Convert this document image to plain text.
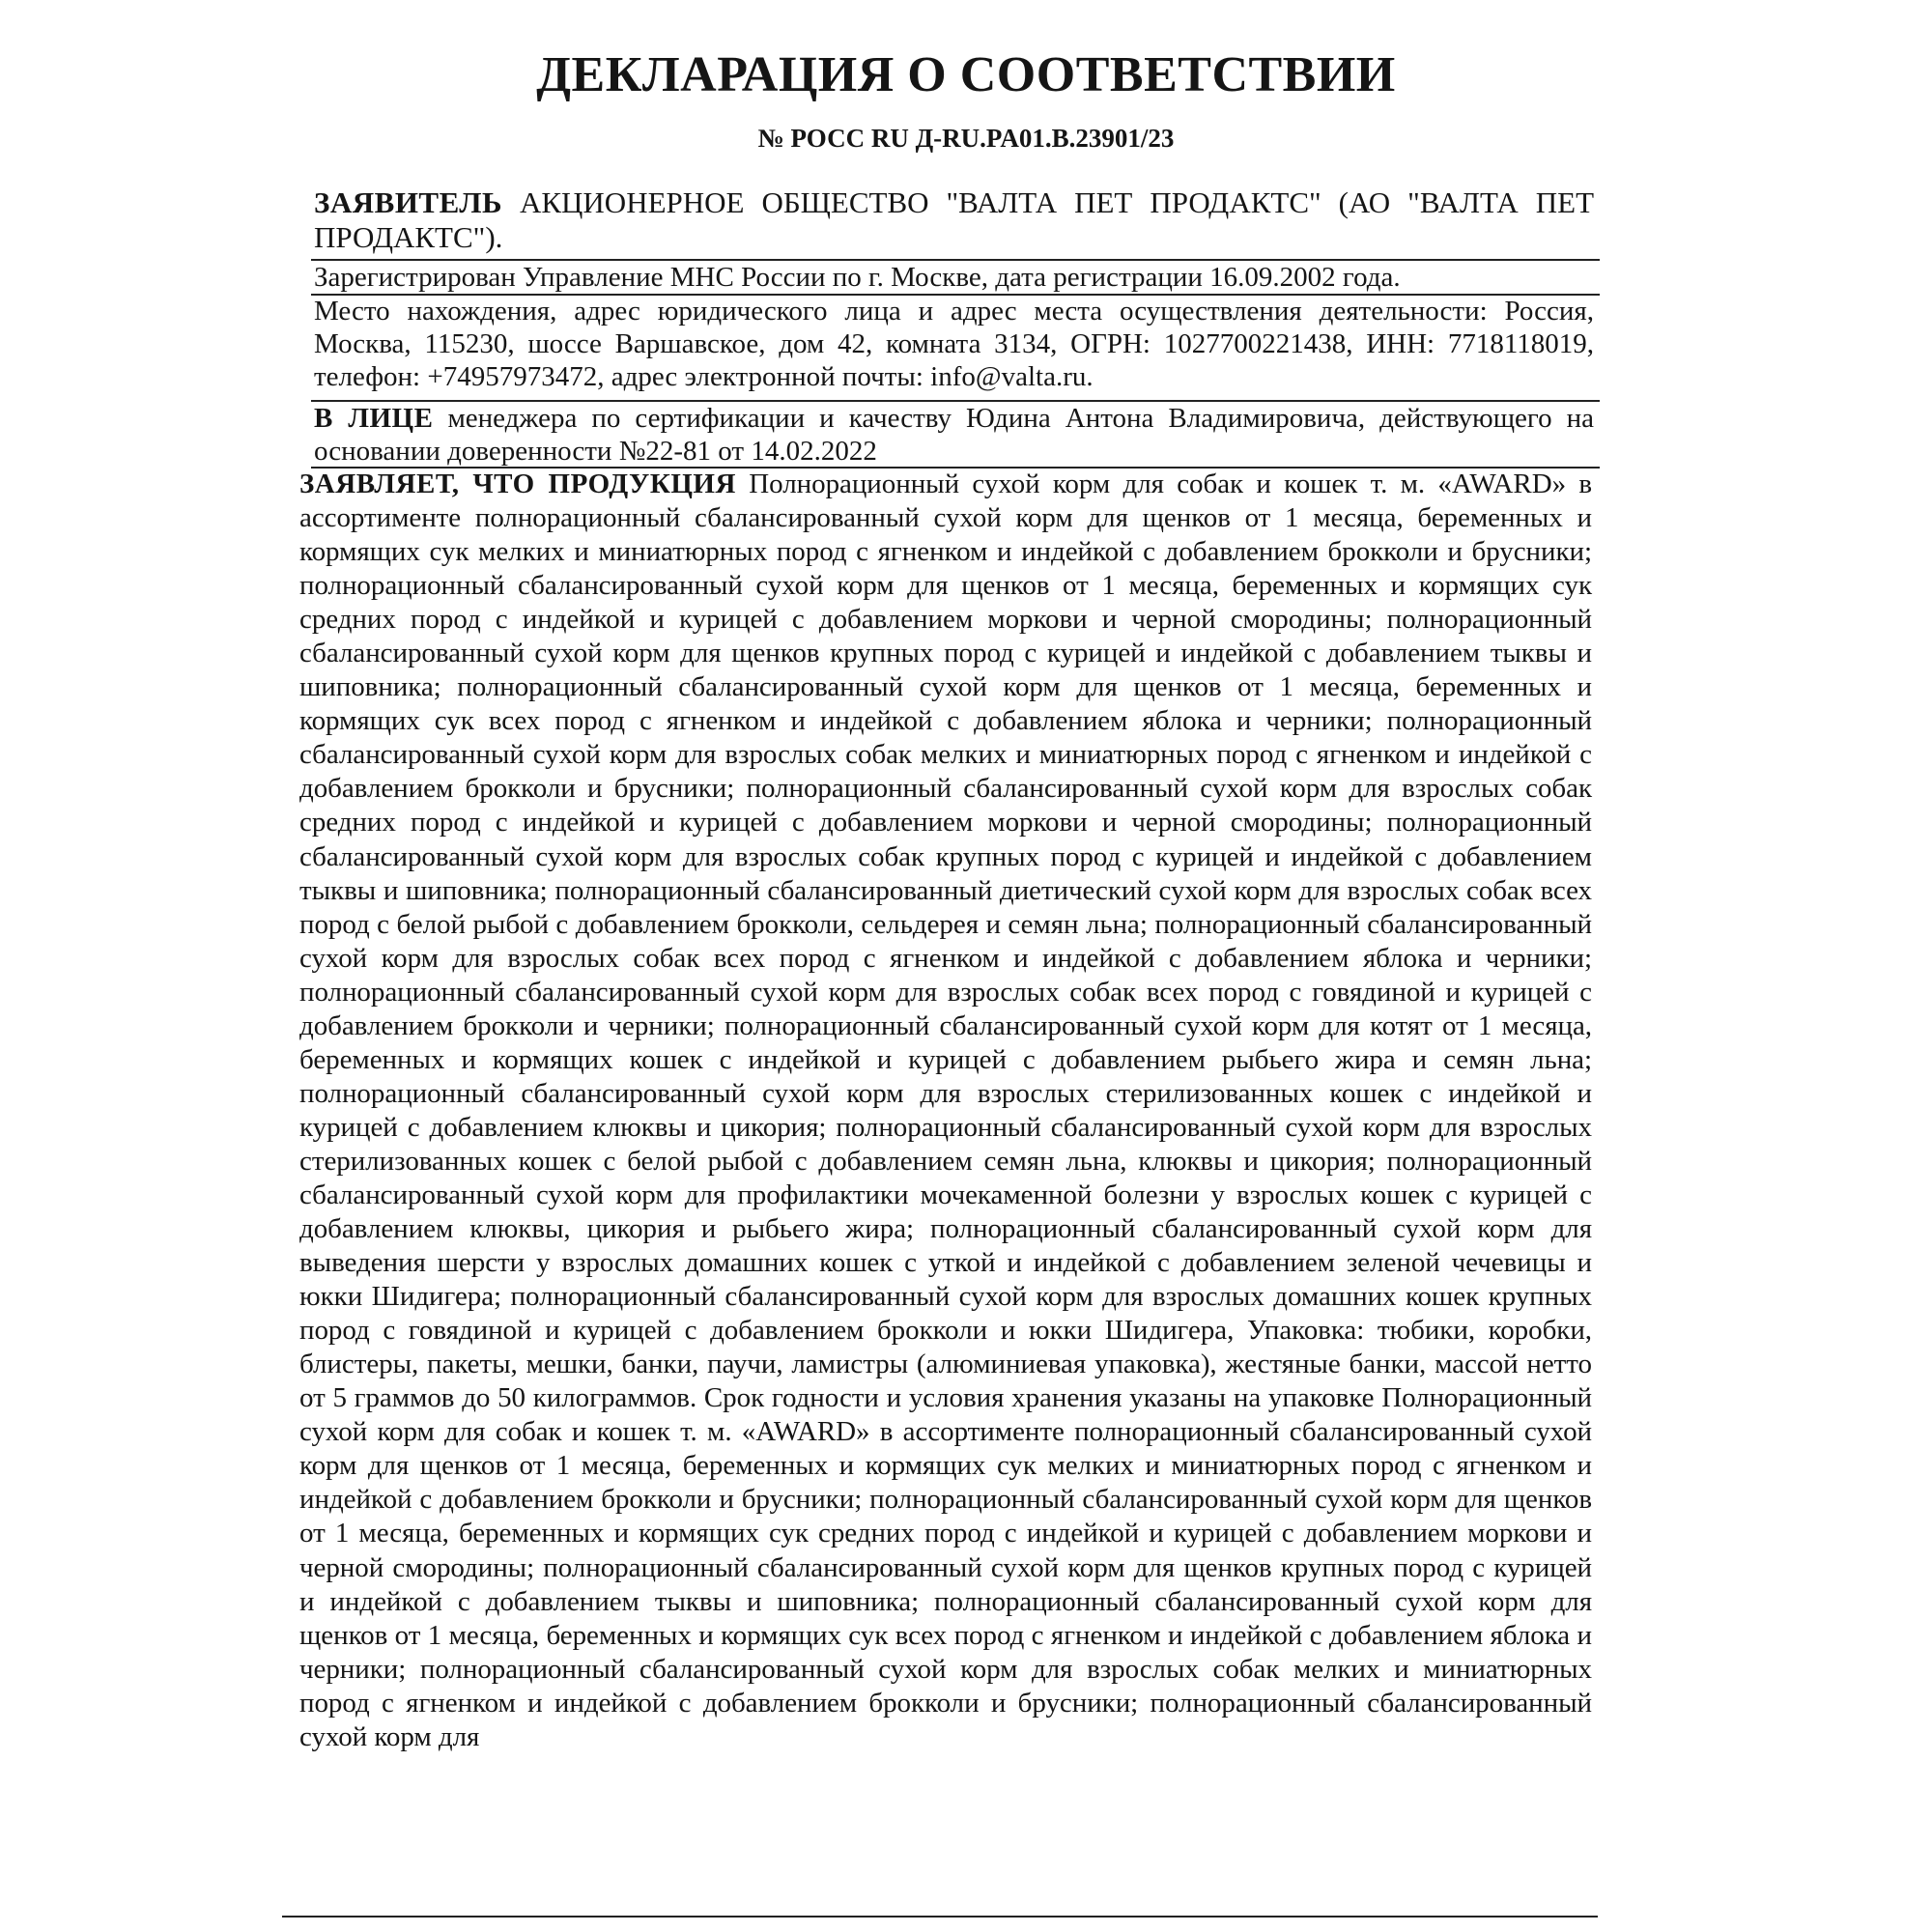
ДЕКЛАРАЦИЯ О СООТВЕТСТВИИ
№ РОСС RU Д-RU.PA01.B.23901/23
ЗАЯВИТЕЛЬ АКЦИОНЕРНОЕ ОБЩЕСТВО "ВАЛТА ПЕТ ПРОДАКТС" (АО "ВАЛТА ПЕТ ПРОДАКТС").
Зарегистрирован Управление МНС России по г. Москве, дата регистрации 16.09.2002 года.
Место нахождения, адрес юридического лица и адрес места осуществления деятельности: Россия, Москва, 115230, шоссе Варшавское, дом 42, комната 3134, ОГРН: 1027700221438, ИНН: 7718118019, телефон: +74957973472, адрес электронной почты: info@valta.ru.
В ЛИЦЕ менеджера по сертификации и качеству Юдина Антона Владимировича, действующего на основании доверенности №22-81 от 14.02.2022
ЗАЯВЛЯЕТ, ЧТО ПРОДУКЦИЯ Полнорационный сухой корм для собак и кошек т. м. «AWARD» в ассортименте полнорационный сбалансированный сухой корм для щенков от 1 месяца, беременных и кормящих сук мелких и миниатюрных пород с ягненком и индейкой с добавлением брокколи и брусники; полнорационный сбалансированный сухой корм для щенков от 1 месяца, беременных и кормящих сук средних пород с индейкой и курицей с добавлением моркови и черной смородины; полнорационный сбалансированный сухой корм для щенков крупных пород с курицей и индейкой с добавлением тыквы и шиповника; полнорационный сбалансированный сухой корм для щенков от 1 месяца, беременных и кормящих сук всех пород с ягненком и индейкой с добавлением яблока и черники; полнорационный сбалансированный сухой корм для взрослых собак мелких и миниатюрных пород с ягненком и индейкой с добавлением брокколи и брусники; полнорационный сбалансированный сухой корм для взрослых собак средних пород с индейкой и курицей с добавлением моркови и черной смородины; полнорационный сбалансированный сухой корм для взрослых собак крупных пород с курицей и индейкой с добавлением тыквы и шиповника; полнорационный сбалансированный диетический сухой корм для взрослых собак всех пород с белой рыбой с добавлением брокколи, сельдерея и семян льна; полнорационный сбалансированный сухой корм для взрослых собак всех пород с ягненком и индейкой с добавлением яблока и черники; полнорационный сбалансированный сухой корм для взрослых собак всех пород с говядиной и курицей с добавлением брокколи и черники; полнорационный сбалансированный сухой корм для котят от 1 месяца, беременных и кормящих кошек с индейкой и курицей с добавлением рыбьего жира и семян льна; полнорационный сбалансированный сухой корм для взрослых стерилизованных кошек с индейкой и курицей с добавлением клюквы и цикория; полнорационный сбалансированный сухой корм для взрослых стерилизованных кошек с белой рыбой с добавлением семян льна, клюквы и цикория; полнорационный сбалансированный сухой корм для профилактики мочекаменной болезни у взрослых кошек с курицей с добавлением клюквы, цикория и рыбьего жира; полнорационный сбалансированный сухой корм для выведения шерсти у взрослых домашних кошек с уткой и индейкой с добавлением зеленой чечевицы и юкки Шидигера; полнорационный сбалансированный сухой корм для взрослых домашних кошек крупных пород с говядиной и курицей с добавлением брокколи и юкки Шидигера, Упаковка: тюбики, коробки, блистеры, пакеты, мешки, банки, паучи, ламистры (алюминиевая упаковка), жестяные банки, массой нетто от 5 граммов до 50 килограммов. Срок годности и условия хранения указаны на упаковке Полнорационный сухой корм для собак и кошек т. м. «AWARD» в ассортименте полнорационный сбалансированный сухой корм для щенков от 1 месяца, беременных и кормящих сук мелких и миниатюрных пород с ягненком и индейкой с добавлением брокколи и брусники; полнорационный сбалансированный сухой корм для щенков от 1 месяца, беременных и кормящих сук средних пород с индейкой и курицей с добавлением моркови и черной смородины; полнорационный сбалансированный сухой корм для щенков крупных пород с курицей и индейкой с добавлением тыквы и шиповника; полнорационный сбалансированный сухой корм для щенков от 1 месяца, беременных и кормящих сук всех пород с ягненком и индейкой с добавлением яблока и черники; полнорационный сбалансированный сухой корм для взрослых собак мелких и миниатюрных пород с ягненком и индейкой с добавлением брокколи и брусники; полнорационный сбалансированный сухой корм для
